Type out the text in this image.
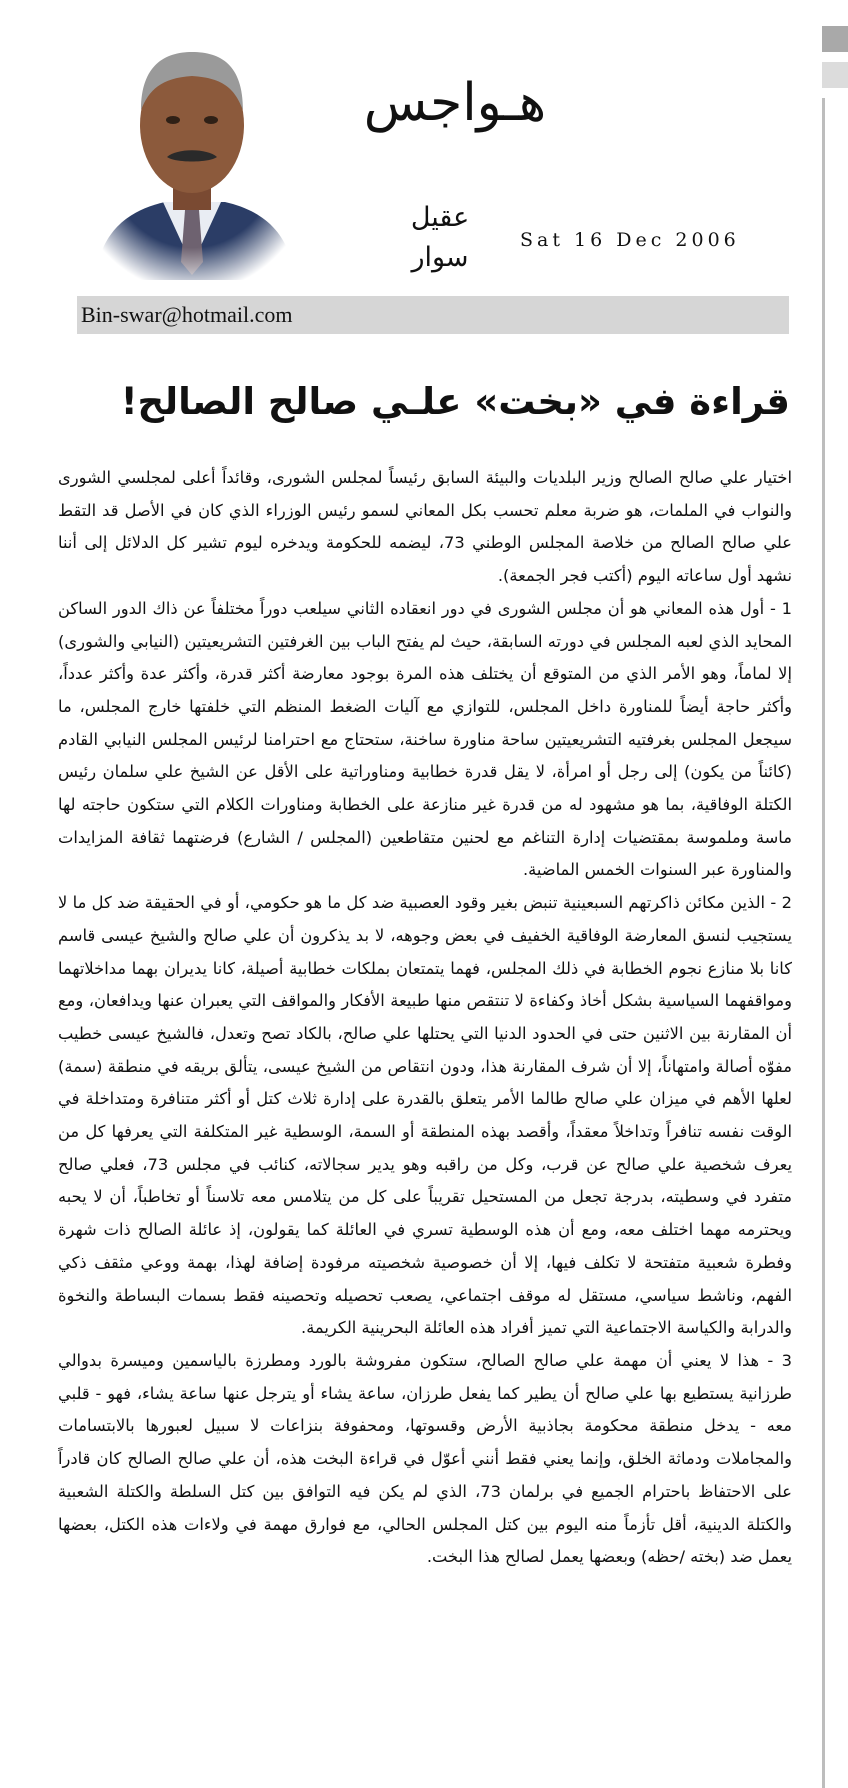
هـواجس
عقيل سوار
Sat 16 Dec 2006
Bin-swar@hotmail.com
قراءة في «بخت» علـي صالح الصالح!

اختيار علي صالح الصالح وزير البلديات والبيئة السابق رئيساً لمجلس الشورى، وقائداً أعلى لمجلسي الشورى والنواب في الملمات، هو ضربة معلم تحسب بكل المعاني لسمو رئيس الوزراء الذي كان في الأصل قد التقط علي صالح الصالح من خلاصة المجلس الوطني 73، ليضمه للحكومة ويدخره ليوم تشير كل الدلائل إلى أننا نشهد أول ساعاته اليوم (أكتب فجر الجمعة).

1 - أول هذه المعاني هو أن مجلس الشورى في دور انعقاده الثاني سيلعب دوراً مختلفاً عن ذاك الدور الساكن المحايد الذي لعبه المجلس في دورته السابقة، حيث لم يفتح الباب بين الغرفتين التشريعيتين (النيابي والشورى) إلا لماماً، وهو الأمر الذي من المتوقع أن يختلف هذه المرة بوجود معارضة أكثر قدرة، وأكثر عدة وأكثر عدداً، وأكثر حاجة أيضاً للمناورة داخل المجلس، للتوازي مع آليات الضغط المنظم التي خلفتها خارج المجلس، ما سيجعل المجلس بغرفتيه التشريعيتين ساحة مناورة ساخنة، ستحتاج مع احترامنا لرئيس المجلس النيابي القادم (كائناً من يكون) إلى رجل أو امرأة، لا يقل قدرة خطابية ومناوراتية على الأقل عن الشيخ علي سلمان رئيس الكتلة الوفاقية، بما هو مشهود له من قدرة غير منازعة على الخطابة ومناورات الكلام التي ستكون حاجته لها ماسة وملموسة بمقتضيات إدارة التناغم مع لحنين متقاطعين (المجلس / الشارع) فرضتهما ثقافة المزايدات والمناورة عبر السنوات الخمس الماضية.

2 - الذين مكائن ذاكرتهم السبعينية تنبض بغير وقود العصبية ضد كل ما هو حكومي، أو في الحقيقة ضد كل ما لا يستجيب لنسق المعارضة الوفاقية الخفيف في بعض وجوهه، لا بد يذكرون أن علي صالح والشيخ عيسى قاسم كانا بلا منازع نجوم الخطابة في ذلك المجلس، فهما يتمتعان بملكات خطابية أصيلة، كانا يديران بهما مداخلاتهما ومواقفهما السياسية بشكل أخاذ وكفاءة لا تنتقص منها طبيعة الأفكار والمواقف التي يعبران عنها ويدافعان، ومع أن المقارنة بين الاثنين حتى في الحدود الدنيا التي يحتلها علي صالح، بالكاد تصح وتعدل، فالشيخ عيسى خطيب مفوّه أصالة وامتهاناً، إلا أن شرف المقارنة هذا، ودون انتقاص من الشيخ عيسى، يتألق بريقه في منطقة (سمة) لعلها الأهم في ميزان علي صالح طالما الأمر يتعلق بالقدرة على إدارة ثلاث كتل أو أكثر متنافرة ومتداخلة في الوقت نفسه تنافراً وتداخلاً معقداً، وأقصد بهذه المنطقة أو السمة، الوسطية غير المتكلفة التي يعرفها كل من يعرف شخصية علي صالح عن قرب، وكل من راقبه وهو يدير سجالاته، كنائب في مجلس 73، فعلي صالح متفرد في وسطيته، بدرجة تجعل من المستحيل تقريباً على كل من يتلامس معه تلاسناً أو تخاطباً، أن لا يحبه ويحترمه مهما اختلف معه، ومع أن هذه الوسطية تسري في العائلة كما يقولون، إذ عائلة الصالح ذات شهرة وفطرة شعبية متفتحة لا تكلف فيها، إلا أن خصوصية شخصيته مرفودة إضافة لهذا، بهمة ووعي مثقف ذكي الفهم، وناشط سياسي، مستقل له موقف اجتماعي، يصعب تحصيله وتحصينه فقط بسمات البساطة والنخوة والدرابة والكياسة الاجتماعية التي تميز أفراد هذه العائلة البحرينية الكريمة.

3 - هذا لا يعني أن مهمة علي صالح الصالح، ستكون مفروشة بالورد ومطرزة بالياسمين وميسرة بدوالي طرزانية يستطيع بها علي صالح أن يطير كما يفعل طرزان، ساعة يشاء أو يترجل عنها ساعة يشاء، فهو - قلبي معه - يدخل منطقة محكومة بجاذبية الأرض وقسوتها، ومحفوفة بنزاعات لا سبيل لعبورها بالابتسامات والمجاملات ودماثة الخلق، وإنما يعني فقط أنني أعوّل في قراءة البخت هذه، أن علي صالح الصالح كان قادراً على الاحتفاظ باحترام الجميع في برلمان 73، الذي لم يكن فيه التوافق بين كتل السلطة والكتلة الشعبية والكتلة الدينية، أقل تأزماً منه اليوم بين كتل المجلس الحالي، مع فوارق مهمة في ولاءات هذه الكتل، بعضها يعمل ضد (بخته /حظه) وبعضها يعمل لصالح هذا البخت.
